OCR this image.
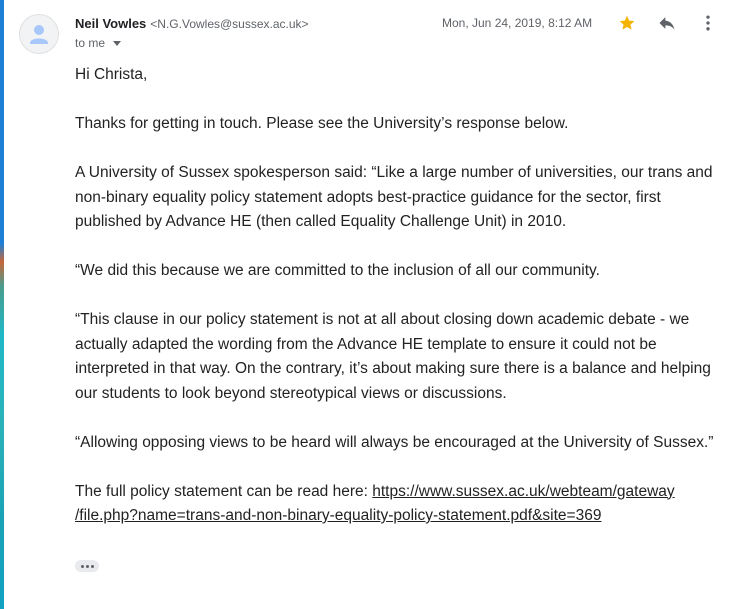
Neil Vowles <N.G.Vowles@sussex.ac.uk>
to me
Mon, Jun 24, 2019, 8:12 AM

Hi Christa,

Thanks for getting in touch. Please see the University’s response below.

A University of Sussex spokesperson said: “Like a large number of universities, our trans and non-binary equality policy statement adopts best-practice guidance for the sector, first published by Advance HE (then called Equality Challenge Unit) in 2010.

“We did this because we are committed to the inclusion of all our community.

“This clause in our policy statement is not at all about closing down academic debate - we actually adapted the wording from the Advance HE template to ensure it could not be interpreted in that way. On the contrary, it’s about making sure there is a balance and helping our students to look beyond stereotypical views or discussions.

“Allowing opposing views to be heard will always be encouraged at the University of Sussex.”

The full policy statement can be read here: https://www.sussex.ac.uk/webteam/gateway
/file.php?name=trans-and-non-binary-equality-policy-statement.pdf&site=369
